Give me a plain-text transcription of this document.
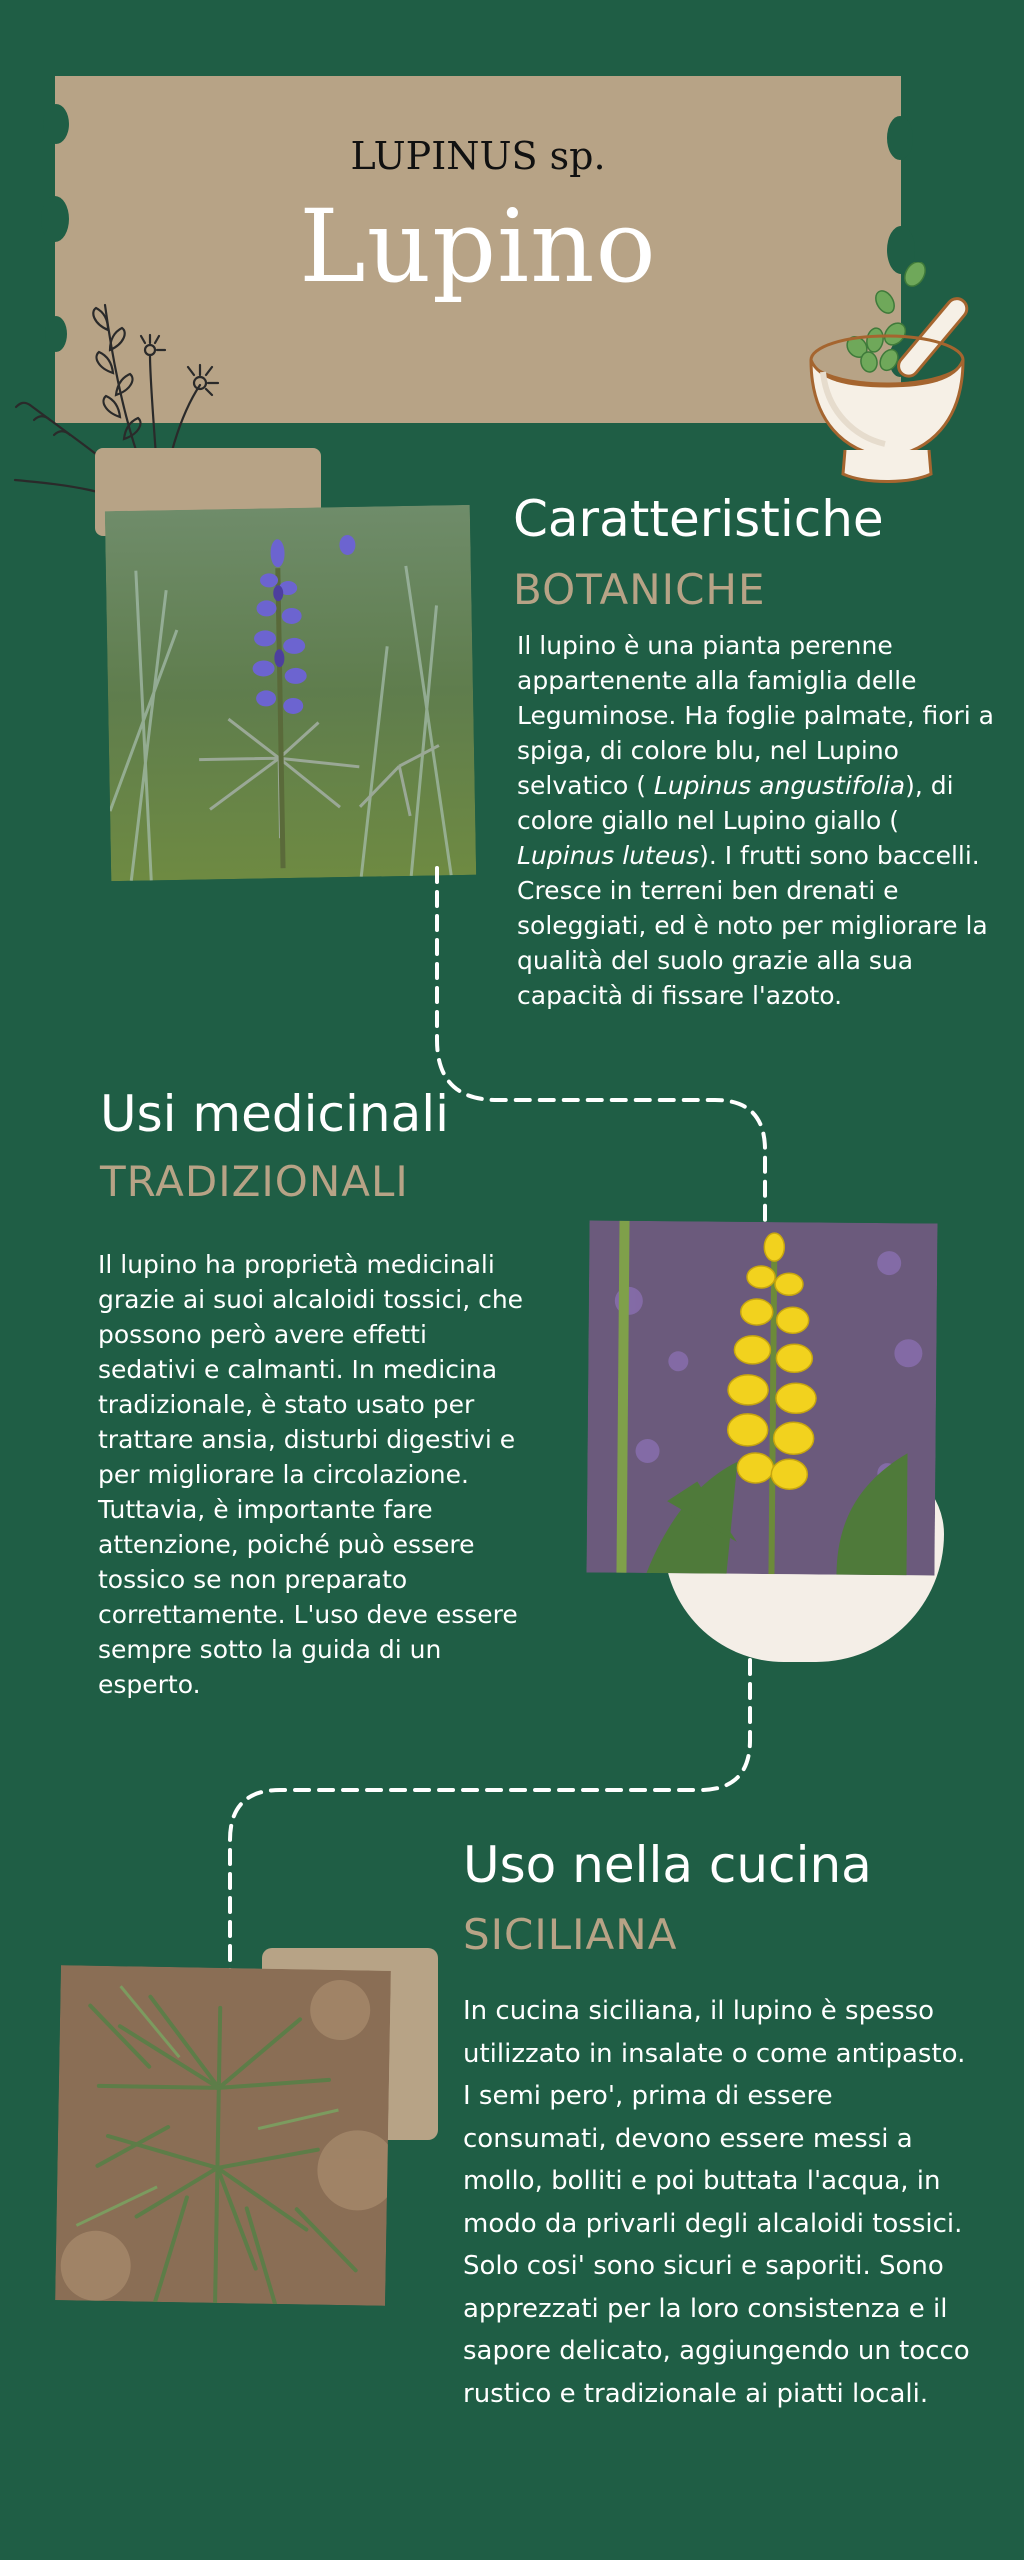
LUPINUS sp.
Lupino
Caratteristiche
BOTANICHE
Il lupino è una pianta perenne appartenente alla famiglia delle Leguminose. Ha foglie palmate, fiori a spiga, di colore blu, nel Lupino selvatico ( Lupinus angustifolia), di colore giallo nel Lupino giallo ( Lupinus luteus). I frutti sono baccelli. Cresce in terreni ben drenati e soleggiati, ed è noto per migliorare la qualità del suolo grazie alla sua capacità di fissare l'azoto.
Usi medicinali
TRADIZIONALI
Il lupino ha proprietà medicinali grazie ai suoi alcaloidi tossici, che possono però avere effetti sedativi e calmanti. In medicina tradizionale, è stato usato per trattare ansia, disturbi digestivi e per migliorare la circolazione. Tuttavia, è importante fare attenzione, poiché può essere tossico se non preparato correttamente. L'uso deve essere sempre sotto la guida di un esperto.
Uso nella cucina
SICILIANA
In cucina siciliana, il lupino è spesso utilizzato in insalate o come antipasto. I semi pero', prima di essere consumati, devono essere messi a mollo, bolliti e poi buttata l'acqua, in modo da privarli degli alcaloidi tossici. Solo cosi' sono sicuri e saporiti. Sono apprezzati per la loro consistenza e il sapore delicato, aggiungendo un tocco rustico e tradizionale ai piatti locali.
